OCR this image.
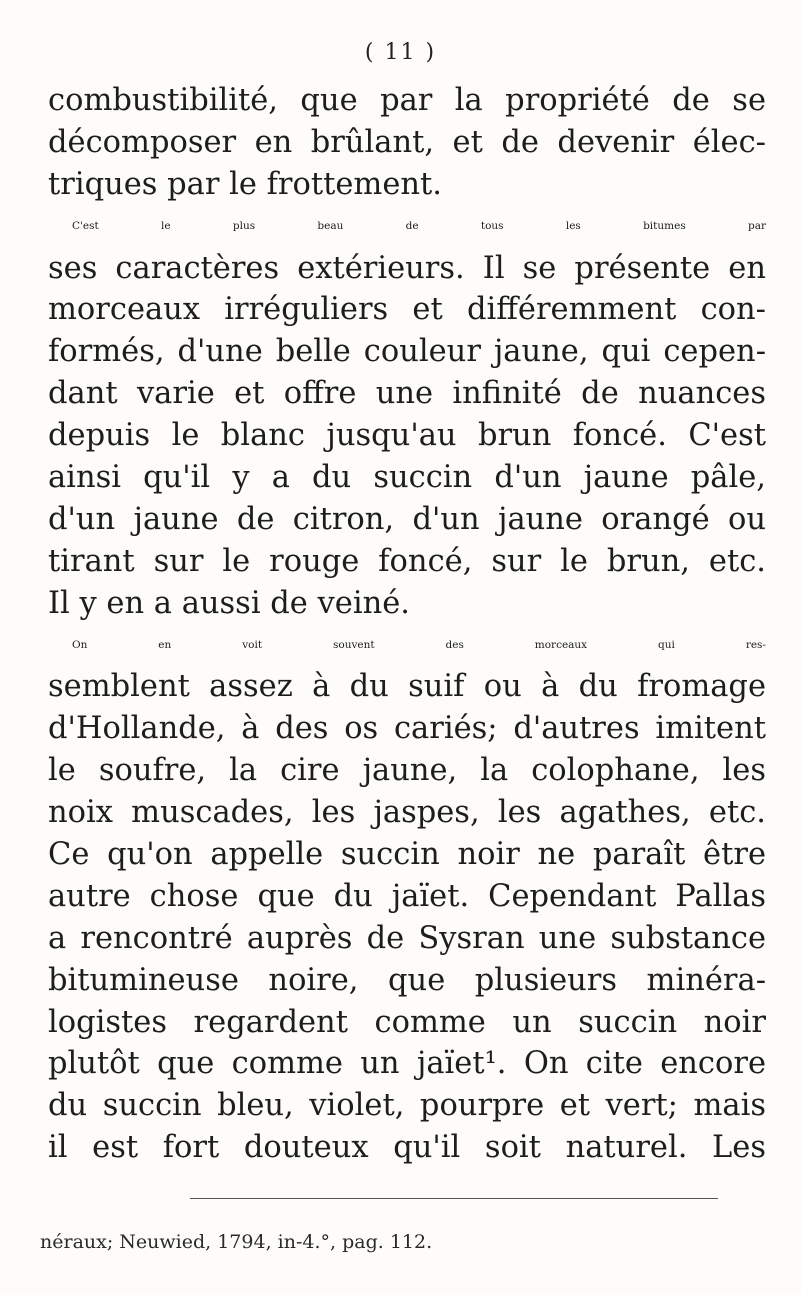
( 11 )
combustibilité, que par la propriété de se
décomposer en brûlant, et de devenir élec-
triques par le frottement.
C'est le plus beau de tous les bitumes par
ses caractères extérieurs. Il se présente en
morceaux irréguliers et différemment con-
formés, d'une belle couleur jaune, qui cepen-
dant varie et offre une infinité de nuances
depuis le blanc jusqu'au brun foncé. C'est
ainsi qu'il y a du succin d'un jaune pâle,
d'un jaune de citron, d'un jaune orangé ou
tirant sur le rouge foncé, sur le brun, etc.
Il y en a aussi de veiné.
On en voit souvent des morceaux qui res-
semblent assez à du suif ou à du fromage
d'Hollande, à des os cariés; d'autres imitent
le soufre, la cire jaune, la colophane, les
noix muscades, les jaspes, les agathes, etc.
Ce qu'on appelle succin noir ne paraît être
autre chose que du jaïet. Cependant Pallas
a rencontré auprès de Sysran une substance
bitumineuse noire, que plusieurs minéra-
logistes regardent comme un succin noir
plutôt que comme un jaïet¹. On cite encore
du succin bleu, violet, pourpre et vert; mais
il est fort douteux qu'il soit naturel. Les
néraux; Neuwied, 1794, in-4.°, pag. 112.
